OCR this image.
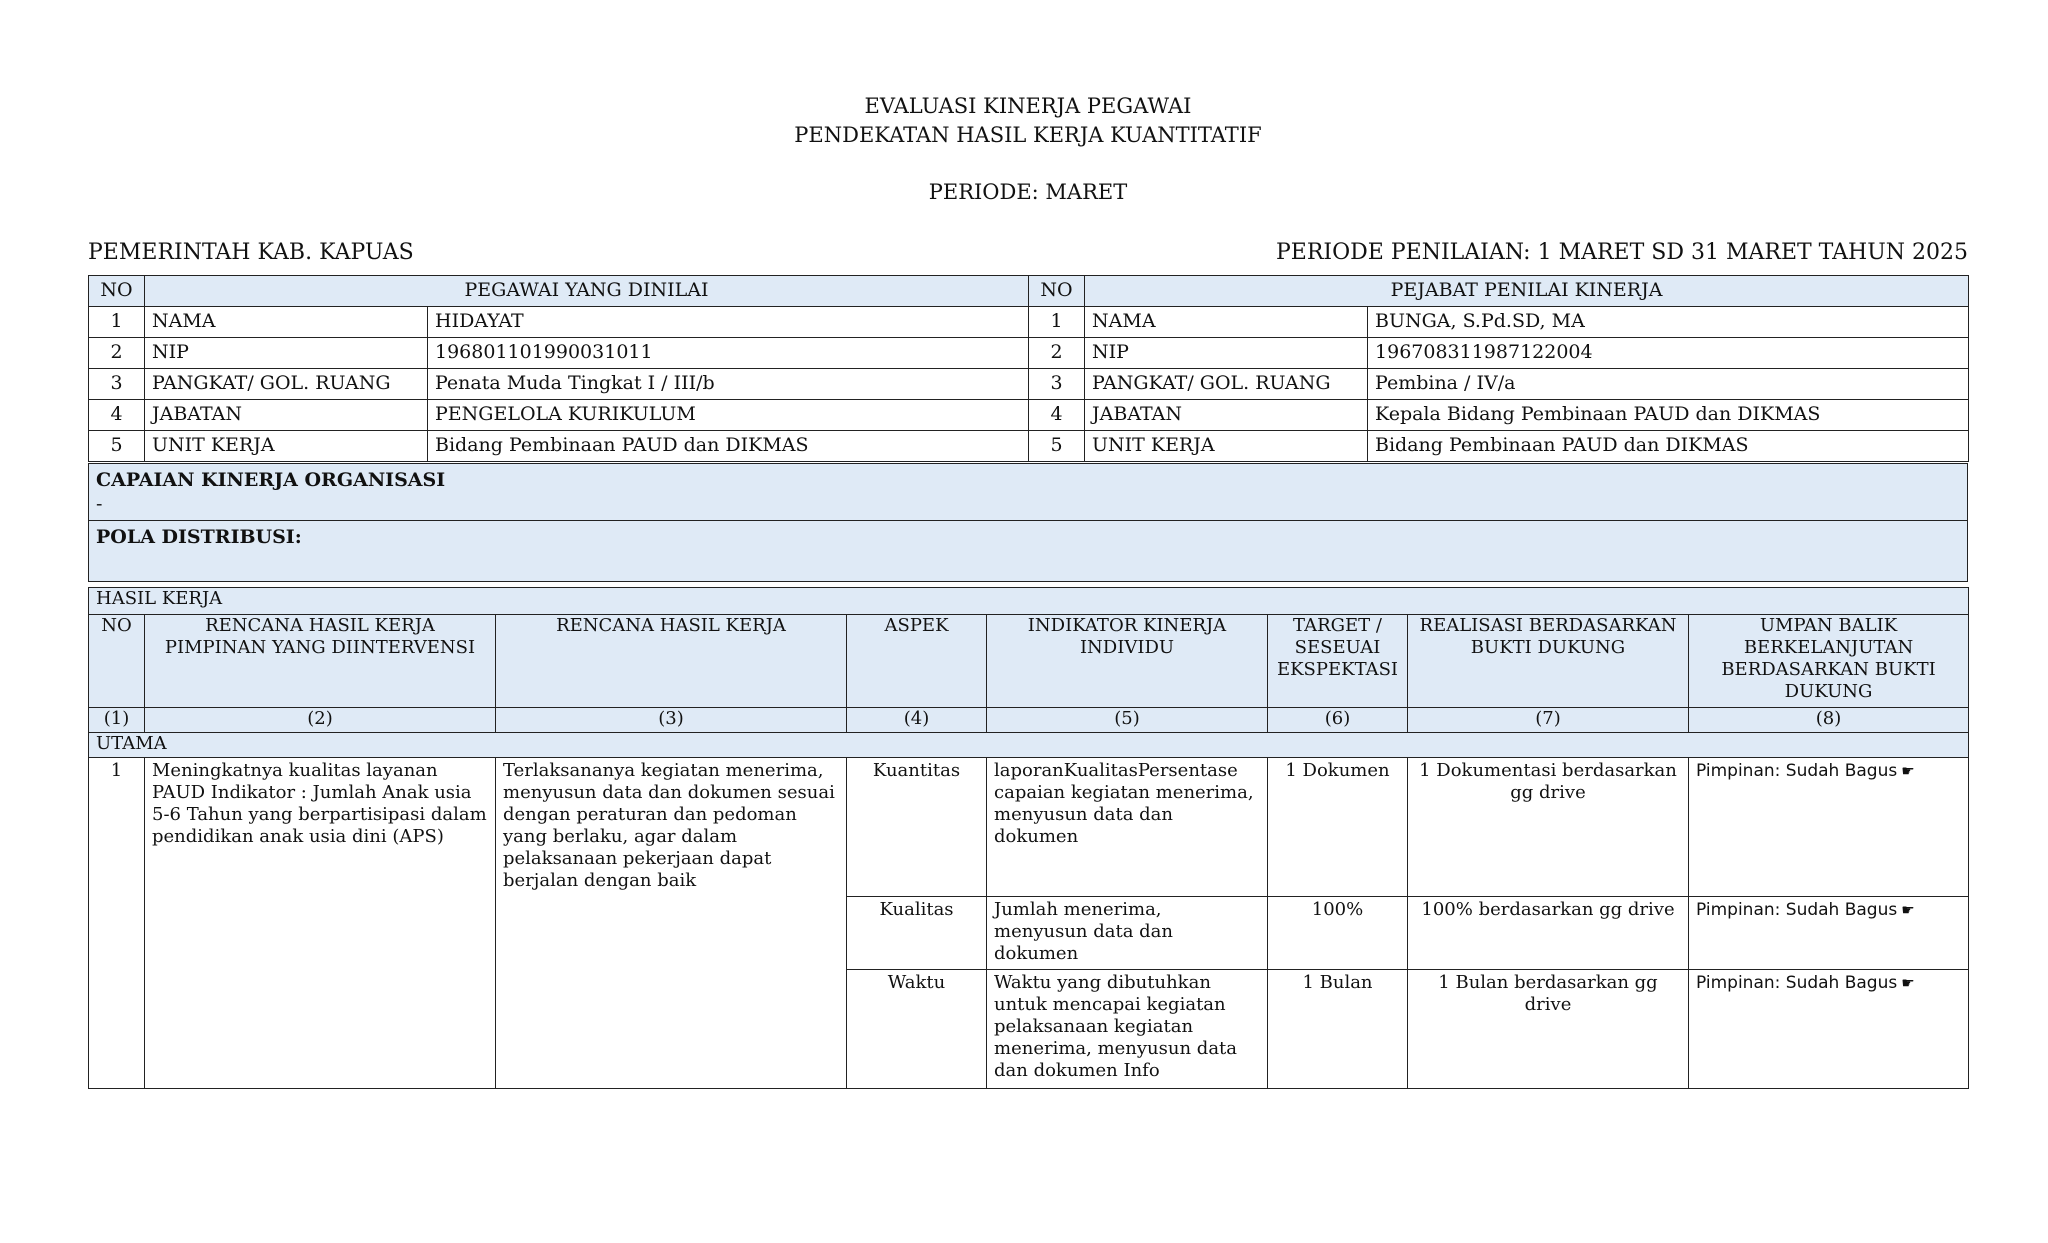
EVALUASI KINERJA PEGAWAI
PENDEKATAN HASIL KERJA KUANTITATIF
PERIODE: MARET
PEMERINTAH KAB. KAPUAS	PERIODE PENILAIAN: 1 MARET SD 31 MARET TAHUN 2025
NO	PEGAWAI YANG DINILAI		NO	PEJABAT PENILAI KINERJA	
1	NAMA	HIDAYAT	1	NAMA	BUNGA, S.Pd.SD, MA
2	NIP	196801101990031011	2	NIP	196708311987122004
3	PANGKAT/ GOL. RUANG	Penata Muda Tingkat I / III/b	3	PANGKAT/ GOL. RUANG	Pembina / IV/a
4	JABATAN	PENGELOLA KURIKULUM	4	JABATAN	Kepala Bidang Pembinaan PAUD dan DIKMAS
5	UNIT KERJA	Bidang Pembinaan PAUD dan DIKMAS	5	UNIT KERJA	Bidang Pembinaan PAUD dan DIKMAS
CAPAIAN KINERJA ORGANISASI
-
POLA DISTRIBUSI:
HASIL KERJA							
NO	RENCANA HASIL KERJA PIMPINAN YANG DIINTERVENSI	RENCANA HASIL KERJA	ASPEK	INDIKATOR KINERJA INDIVIDU	TARGET / SESEUAI EKSPEKTASI	REALISASI BERDASARKAN BUKTI DUKUNG	UMPAN BALIK BERKELANJUTAN BERDASARKAN BUKTI DUKUNG
(1)	(2)	(3)	(4)	(5)	(6)	(7)	(8)
UTAMA							
1	Meningkatnya kualitas layanan PAUD Indikator : Jumlah Anak usia 5-6 Tahun yang berpartisipasi dalam pendidikan anak usia dini (APS)	Terlaksananya kegiatan menerima, menyusun data dan dokumen sesuai dengan peraturan dan pedoman yang berlaku, agar dalam pelaksanaan pekerjaan dapat berjalan dengan baik	Kuantitas	laporanKualitasPersentase capaian kegiatan menerima, menyusun data dan dokumen	1 Dokumen	1 Dokumentasi berdasarkan gg drive	Pimpinan: Sudah Bagus ☛
			Kualitas	Jumlah menerima, menyusun data dan dokumen	100%	100% berdasarkan gg drive	Pimpinan: Sudah Bagus ☛
			Waktu	Waktu yang dibutuhkan untuk mencapai kegiatan pelaksanaan kegiatan menerima, menyusun data dan dokumen Info	1 Bulan	1 Bulan berdasarkan gg drive	Pimpinan: Sudah Bagus ☛
